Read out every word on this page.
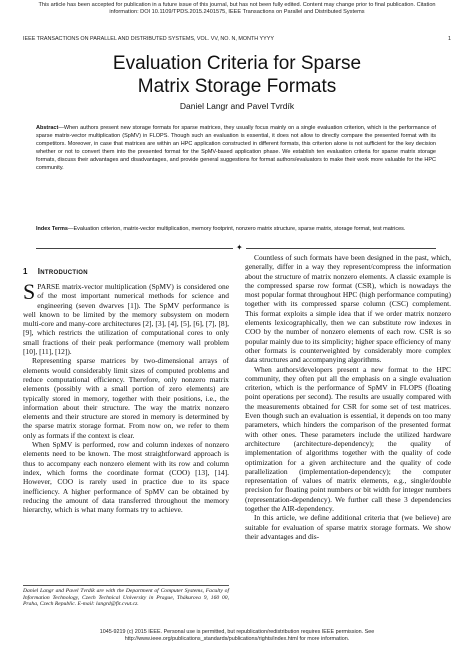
This article has been accepted for publication in a future issue of this journal, but has not been fully edited. Content may change prior to final publication. Citation
information: DOI 10.1109/TPDS.2015.2401575, IEEE Transactions on Parallel and Distributed Systems
IEEE TRANSACTIONS ON PARALLEL AND DISTRIBUTED SYSTEMS, VOL. VV, NO. N, MONTH YYYY	1
Evaluation Criteria for Sparse
Matrix Storage Formats
Daniel Langr and Pavel Tvrdík
Abstract—When authors present new storage formats for sparse matrices, they usually focus mainly on a single evaluation criterion, which is the performance of sparse matrix-vector multiplication (SpMV) in FLOPS. Though such an evaluation is essential, it does not allow to directly compare the presented format with its competitors. Moreover, in case that matrices are within an HPC application constructed in different formats, this criterion alone is not sufficient for the key decision whether or not to convert them into the presented format for the SpMV-based application phase. We establish ten evaluation criteria for sparse matrix storage formats, discuss their advantages and disadvantages, and provide general suggestions for format authors/evaluators to make their work more valuable for the HPC community.
Index Terms—Evaluation criterion, matrix-vector multiplication, memory footprint, nonzero matrix structure, sparse matrix, storage format, test matrices.
✦
1 Introduction

SPARSE matrix-vector multiplication (SpMV) is considered one of the most important numerical methods for science and engineering (seven dwarves [1]). The SpMV performance is well known to be limited by the memory subsystem on modern multi-core and many-core architectures [2], [3], [4], [5], [6], [7], [8], [9], which restricts the utilization of computational cores to only small fractions of their peak performance (memory wall problem [10], [11], [12]).

Representing sparse matrices by two-dimensional arrays of elements would considerably limit sizes of computed problems and reduce computational efficiency. Therefore, only nonzero matrix elements (possibly with a small portion of zero elements) are typically stored in memory, together with their positions, i.e., the information about their structure. The way the matrix nonzero elements and their structure are stored in memory is determined by the sparse matrix storage format. From now on, we refer to them only as formats if the context is clear.

When SpMV is performed, row and column indexes of nonzero elements need to be known. The most straightforward approach is thus to accompany each nonzero element with its row and column index, which forms the coordinate format (COO) [13], [14]. However, COO is rarely used in practice due to its space inefficiency. A higher performance of SpMV can be obtained by reducing the amount of data transferred throughout the memory hierarchy, which is what many formats try to achieve.

Daniel Langr and Pavel Tvrdík are with the Department of Computer Systems, Faculty of Information Technology, Czech Technical University in Prague, Thákurova 9, 160 00, Praha, Czech Republic. E-mail: langrd@fit.cvut.cz.

Countless of such formats have been designed in the past, which, generally, differ in a way they represent/compress the information about the structure of matrix nonzero elements. A classic example is the compressed sparse row format (CSR), which is nowadays the most popular format throughout HPC (high performance computing) together with its compressed sparse column (CSC) complement. This format exploits a simple idea that if we order matrix nonzero elements lexicographically, then we can substitute row indexes in COO by the number of nonzero elements of each row. CSR is so popular mainly due to its simplicity; higher space efficiency of many other formats is counterweighted by considerably more complex data structures and accompanying algorithms.

When authors/developers present a new format to the HPC community, they often put all the emphasis on a single evaluation criterion, which is the performance of SpMV in FLOPS (floating point operations per second). The results are usually compared with the measurements obtained for CSR for some set of test matrices. Even though such an evaluation is essential, it depends on too many parameters, which hinders the comparison of the presented format with other ones. These parameters include the utilized hardware architecture (architecture-dependency); the quality of implementation of algorithms together with the quality of code optimization for a given architecture and the quality of code parallelization (implementation-dependency); the computer representation of values of matrix elements, e.g., single/double precision for floating point numbers or bit width for integer numbers (representation-dependency). We further call these 3 dependencies together the AIR-dependency.

In this article, we define additional criteria that (we believe) are suitable for evaluation of sparse matrix storage formats. We show their advantages and dis-

1045-9219 (c) 2015 IEEE. Personal use is permitted, but republication/redistribution requires IEEE permission. See
http://www.ieee.org/publications_standards/publications/rights/index.html for more information.
